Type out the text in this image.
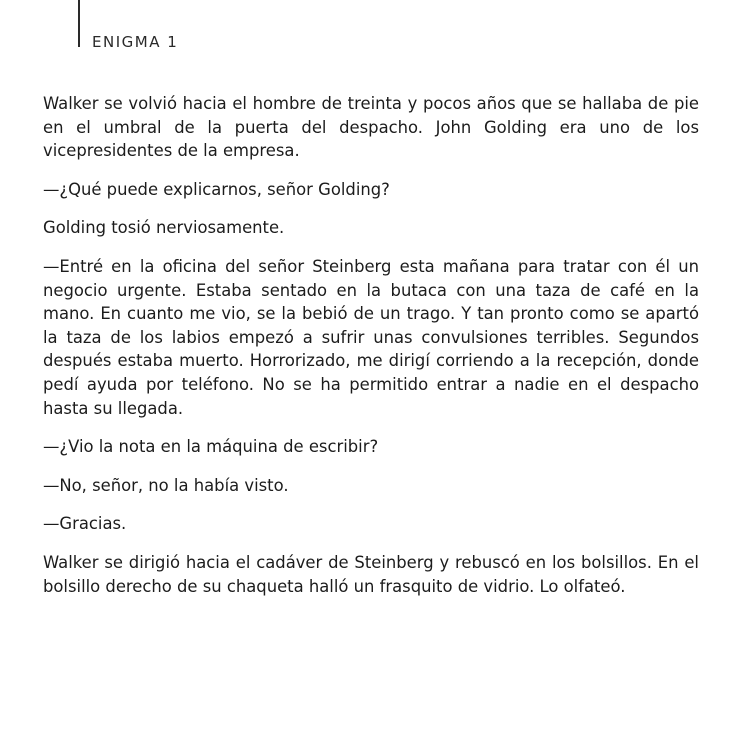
ENIGMA 1

Walker se volvió hacia el hombre de treinta y pocos años que se hallaba de pie en el umbral de la puerta del despacho. John Golding era uno de los vicepresidentes de la empresa.

—¿Qué puede explicarnos, señor Golding?

Golding tosió nerviosamente.

—Entré en la oficina del señor Steinberg esta mañana para tratar con él un negocio urgente. Estaba sentado en la butaca con una taza de café en la mano. En cuanto me vio, se la bebió de un trago. Y tan pronto como se apartó la taza de los labios empezó a sufrir unas convulsiones terribles. Segundos después estaba muerto. Horrorizado, me dirigí corriendo a la recepción, donde pedí ayuda por teléfono. No se ha permitido entrar a nadie en el despacho hasta su llegada.

—¿Vio la nota en la máquina de escribir?

—No, señor, no la había visto.

—Gracias.

Walker se dirigió hacia el cadáver de Steinberg y rebuscó en los bolsillos. En el bolsillo derecho de su chaqueta halló un frasquito de vidrio. Lo olfateó.
